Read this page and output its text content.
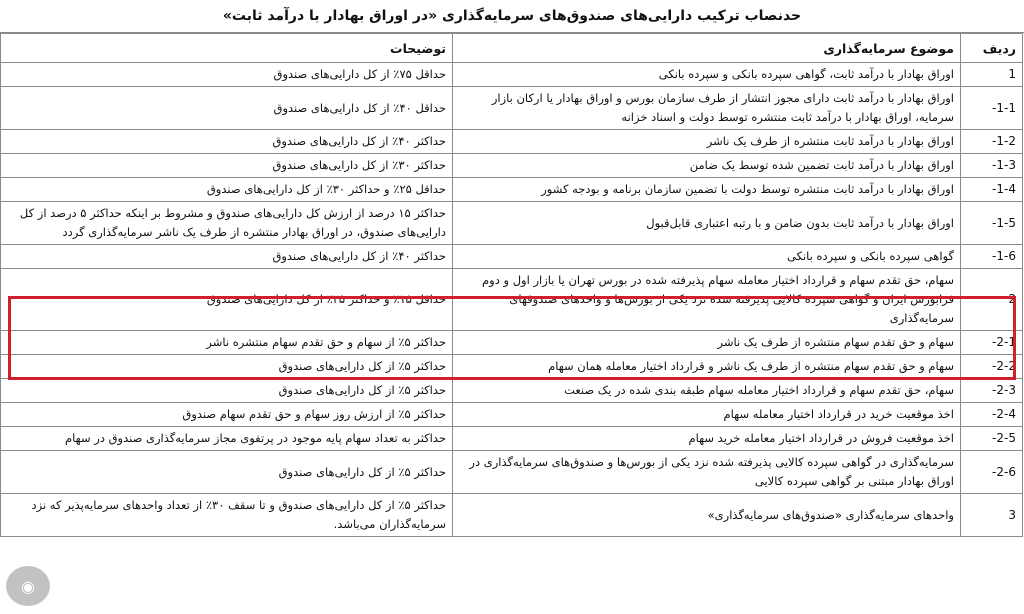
حدنصاب ترکیب دارایی‌های صندوق‌های سرمایه‌گذاری «در اوراق بهادار با درآمد ثابت»
ردیف	موضوع سرمایه‌گذاری	توضیحات
1	اوراق بهادار با درآمد ثابت، گواهی سپرده بانکی و سپرده بانکی	حداقل ۷۵٪ از کل دارایی‌های صندوق
1-1-	اوراق بهادار با درآمد ثابت دارای مجوز انتشار از طرف سازمان بورس و اوراق بهادار یا ارکان بازار سرمایه، اوراق بهادار با درآمد ثابت منتشره توسط دولت و اسناد خزانه	حداقل ۴۰٪ از کل دارایی‌های صندوق
1-2-	اوراق بهادار با درآمد ثابت منتشره از طرف یک ناشر	حداکثر ۴۰٪ از کل دارایی‌های صندوق
1-3-	اوراق بهادار با درآمد ثابت تضمین شده توسط یک ضامن	حداکثر ۳۰٪ از کل دارایی‌های صندوق
1-4-	اوراق بهادار با درآمد ثابت منتشره توسط دولت با تضمین سازمان برنامه و بودجه کشور	حداقل ۲۵٪ و حداکثر ۳۰٪ از کل دارایی‌های صندوق
1-5-	اوراق بهادار با درآمد ثابت بدون ضامن و با رتبه اعتباری قابل‌قبول	حداکثر ۱۵ درصد از ارزش کل دارایی‌های صندوق و مشروط بر اینکه حداکثر ۵ درصد از کل دارایی‌های صندوق، در اوراق بهادار منتشره از طرف یک ناشر سرمایه‌گذاری گردد
1-6-	گواهی سپرده بانکی و سپرده بانکی	حداکثر ۴۰٪ از کل دارایی‌های صندوق
2	سهام، حق تقدم سهام و قرارداد اختیار معامله سهام پذیرفته شده در بورس تهران یا بازار اول و دوم فرابورس ایران و گواهی سپرده کالایی پذیرفته شده نزد یکی از بورس‌ها و واحدهای صندوقهای سرمایه‌گذاری	حداقل ۱۵٪ و حداکثر ۲۵٪ از کل دارایی‌های صندوق
2-1-	سهام و حق تقدم سهام منتشره از طرف یک ناشر	حداکثر ۵٪ از سهام و حق تقدم سهام منتشره ناشر
2-2-	سهام و حق تقدم سهام منتشره از طرف یک ناشر و قرارداد اختیار معامله همان سهام	حداکثر ۵٪ از کل دارایی‌های صندوق
2-3-	سهام، حق تقدم سهام و قرارداد اختیار معامله سهام طبقه بندی شده در یک صنعت	حداکثر ۵٪ از کل دارایی‌های صندوق
2-4-	اخذ موقعیت خرید در قرارداد اختیار معامله سهام	حداکثر ۵٪ از ارزش روز سهام و حق تقدم سهام صندوق
2-5-	اخذ موقعیت فروش در قرارداد اختیار معامله خرید سهام	حداکثر به تعداد سهام پایه موجود در پرتفوی مجاز سرمایه‌گذاری صندوق در سهام
2-6-	سرمایه‌گذاری در گواهی سپرده کالایی پذیرفته شده نزد یکی از بورس‌ها و صندوق‌های سرمایه‌گذاری در اوراق بهادار مبتنی بر گواهی سپرده کالایی	حداکثر ۵٪ از کل دارایی‌های صندوق
3	واحدهای سرمایه‌گذاری «صندوق‌های سرمایه‌گذاری»	حداکثر ۵٪ از کل دارایی‌های صندوق و تا سقف ۳۰٪ از تعداد واحدهای سرمایه‌پذیر که نزد سرمایه‌گذاران می‌باشد.
◉
